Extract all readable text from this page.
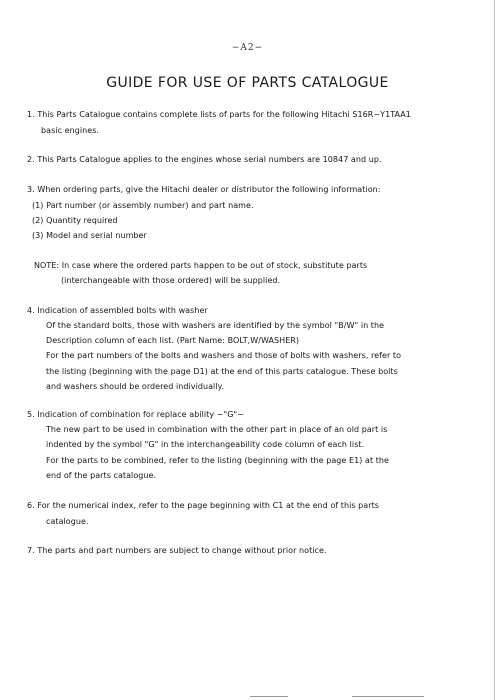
−A2−
GUIDE FOR USE OF PARTS CATALOGUE
1. This Parts Catalogue contains complete lists of parts for the following Hitachi S16R−Y1TAA1
basic engines.
2. This Parts Catalogue applies to the engines whose serial numbers are 10847 and up.
3. When ordering parts, give the Hitachi dealer or distributor the following information:
(1) Part number (or assembly number) and part name.
(2) Quantity required
(3) Model and serial number
NOTE: In case where the ordered parts happen to be out of stock, substitute parts
(interchangeable with those ordered) will be supplied.
4. Indication of assembled bolts with washer
Of the standard bolts, those with washers are identified by the symbol "B/W" in the
Description column of each list. (Part Name: BOLT,W/WASHER)
For the part numbers of the bolts and washers and those of bolts with washers, refer to
the listing (beginning with the page D1) at the end of this parts catalogue. These bolts
and washers should be ordered individually.
5. Indication of combination for replace ability −"G"−
The new part to be used in combination with the other part in place of an old part is
indented by the symbol "G" in the interchangeability code column of each list.
For the parts to be combined, refer to the listing (beginning with the page E1) at the
end of the parts catalogue.
6. For the numerical index, refer to the page beginning with C1 at the end of this parts
catalogue.
7. The parts and part numbers are subject to change without prior notice.
